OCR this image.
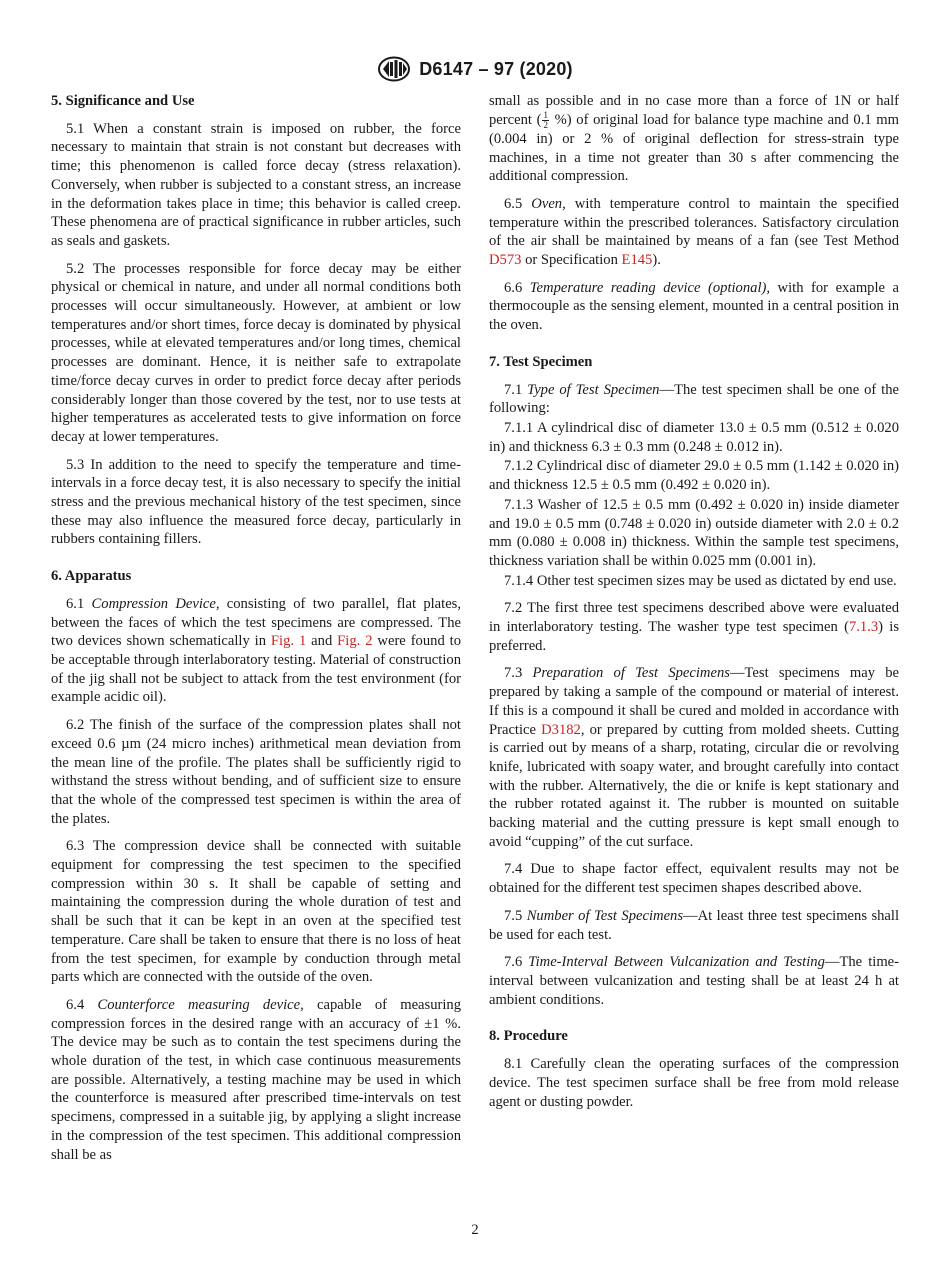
D6147 – 97 (2020)
5. Significance and Use

5.1 When a constant strain is imposed on rubber, the force necessary to maintain that strain is not constant but decreases with time; this phenomenon is called force decay (stress relaxation). Conversely, when rubber is subjected to a constant stress, an increase in the deformation takes place in time; this behavior is called creep. These phenomena are of practical significance in rubber articles, such as seals and gaskets.

5.2 The processes responsible for force decay may be either physical or chemical in nature, and under all normal conditions both processes will occur simultaneously. However, at ambient or low temperatures and/or short times, force decay is dominated by physical processes, while at elevated temperatures and/or long times, chemical processes are dominant. Hence, it is neither safe to extrapolate time/force decay curves in order to predict force decay after periods considerably longer than those covered by the test, nor to use tests at higher temperatures as accelerated tests to give information on force decay at lower temperatures.

5.3 In addition to the need to specify the temperature and time-intervals in a force decay test, it is also necessary to specify the initial stress and the previous mechanical history of the test specimen, since these may also influence the measured force decay, particularly in rubbers containing fillers.

6. Apparatus

6.1 Compression Device, consisting of two parallel, flat plates, between the faces of which the test specimens are compressed. The two devices shown schematically in Fig. 1 and Fig. 2 were found to be acceptable through interlaboratory testing. Material of construction of the jig shall not be subject to attack from the test environment (for example acidic oil).

6.2 The finish of the surface of the compression plates shall not exceed 0.6 µm (24 micro inches) arithmetical mean deviation from the mean line of the profile. The plates shall be sufficiently rigid to withstand the stress without bending, and of sufficient size to ensure that the whole of the compressed test specimen is within the area of the plates.

6.3 The compression device shall be connected with suitable equipment for compressing the test specimen to the specified compression within 30 s. It shall be capable of setting and maintaining the compression during the whole duration of test and shall be such that it can be kept in an oven at the specified test temperature. Care shall be taken to ensure that there is no loss of heat from the test specimen, for example by conduction through metal parts which are connected with the outside of the oven.

6.4 Counterforce measuring device, capable of measuring compression forces in the desired range with an accuracy of ±1 %. The device may be such as to contain the test specimens during the whole duration of the test, in which case continuous measurements are possible. Alternatively, a testing machine may be used in which the counterforce is measured after prescribed time-intervals on test specimens, compressed in a suitable jig, by applying a slight increase in the compression of the test specimen. This additional compression shall be as

small as possible and in no case more than a force of 1N or half percent ( $\frac{1}{2}$ %) of original load for balance type machine and 0.1 mm (0.004 in) or 2 % of original deflection for stress-strain type machines, in a time not greater than 30 s after commencing the additional compression.

6.5 Oven, with temperature control to maintain the specified temperature within the prescribed tolerances. Satisfactory circulation of the air shall be maintained by means of a fan (see Test Method D573 or Specification E145).

6.6 Temperature reading device (optional), with for example a thermocouple as the sensing element, mounted in a central position in the oven.

7. Test Specimen

7.1 Type of Test Specimen—The test specimen shall be one of the following:

7.1.1 A cylindrical disc of diameter 13.0 ± 0.5 mm (0.512 ± 0.020 in) and thickness 6.3 ± 0.3 mm (0.248 ± 0.012 in).

7.1.2 Cylindrical disc of diameter 29.0 ± 0.5 mm (1.142 ± 0.020 in) and thickness 12.5 ± 0.5 mm (0.492 ± 0.020 in).

7.1.3 Washer of 12.5 ± 0.5 mm (0.492 ± 0.020 in) inside diameter and 19.0 ± 0.5 mm (0.748 ± 0.020 in) outside diameter with 2.0 ± 0.2 mm (0.080 ± 0.008 in) thickness. Within the sample test specimens, thickness variation shall be within 0.025 mm (0.001 in).

7.1.4 Other test specimen sizes may be used as dictated by end use.

7.2 The first three test specimens described above were evaluated in interlaboratory testing. The washer type test specimen (7.1.3) is preferred.

7.3 Preparation of Test Specimens—Test specimens may be prepared by taking a sample of the compound or material of interest. If this is a compound it shall be cured and molded in accordance with Practice D3182, or prepared by cutting from molded sheets. Cutting is carried out by means of a sharp, rotating, circular die or revolving knife, lubricated with soapy water, and brought carefully into contact with the rubber. Alternatively, the die or knife is kept stationary and the rubber rotated against it. The rubber is mounted on suitable backing material and the cutting pressure is kept small enough to avoid “cupping” of the cut surface.

7.4 Due to shape factor effect, equivalent results may not be obtained for the different test specimen shapes described above.

7.5 Number of Test Specimens—At least three test specimens shall be used for each test.

7.6 Time-Interval Between Vulcanization and Testing—The time-interval between vulcanization and testing shall be at least 24 h at ambient conditions.

8. Procedure

8.1 Carefully clean the operating surfaces of the compression device. The test specimen surface shall be free from mold release agent or dusting powder.

2
